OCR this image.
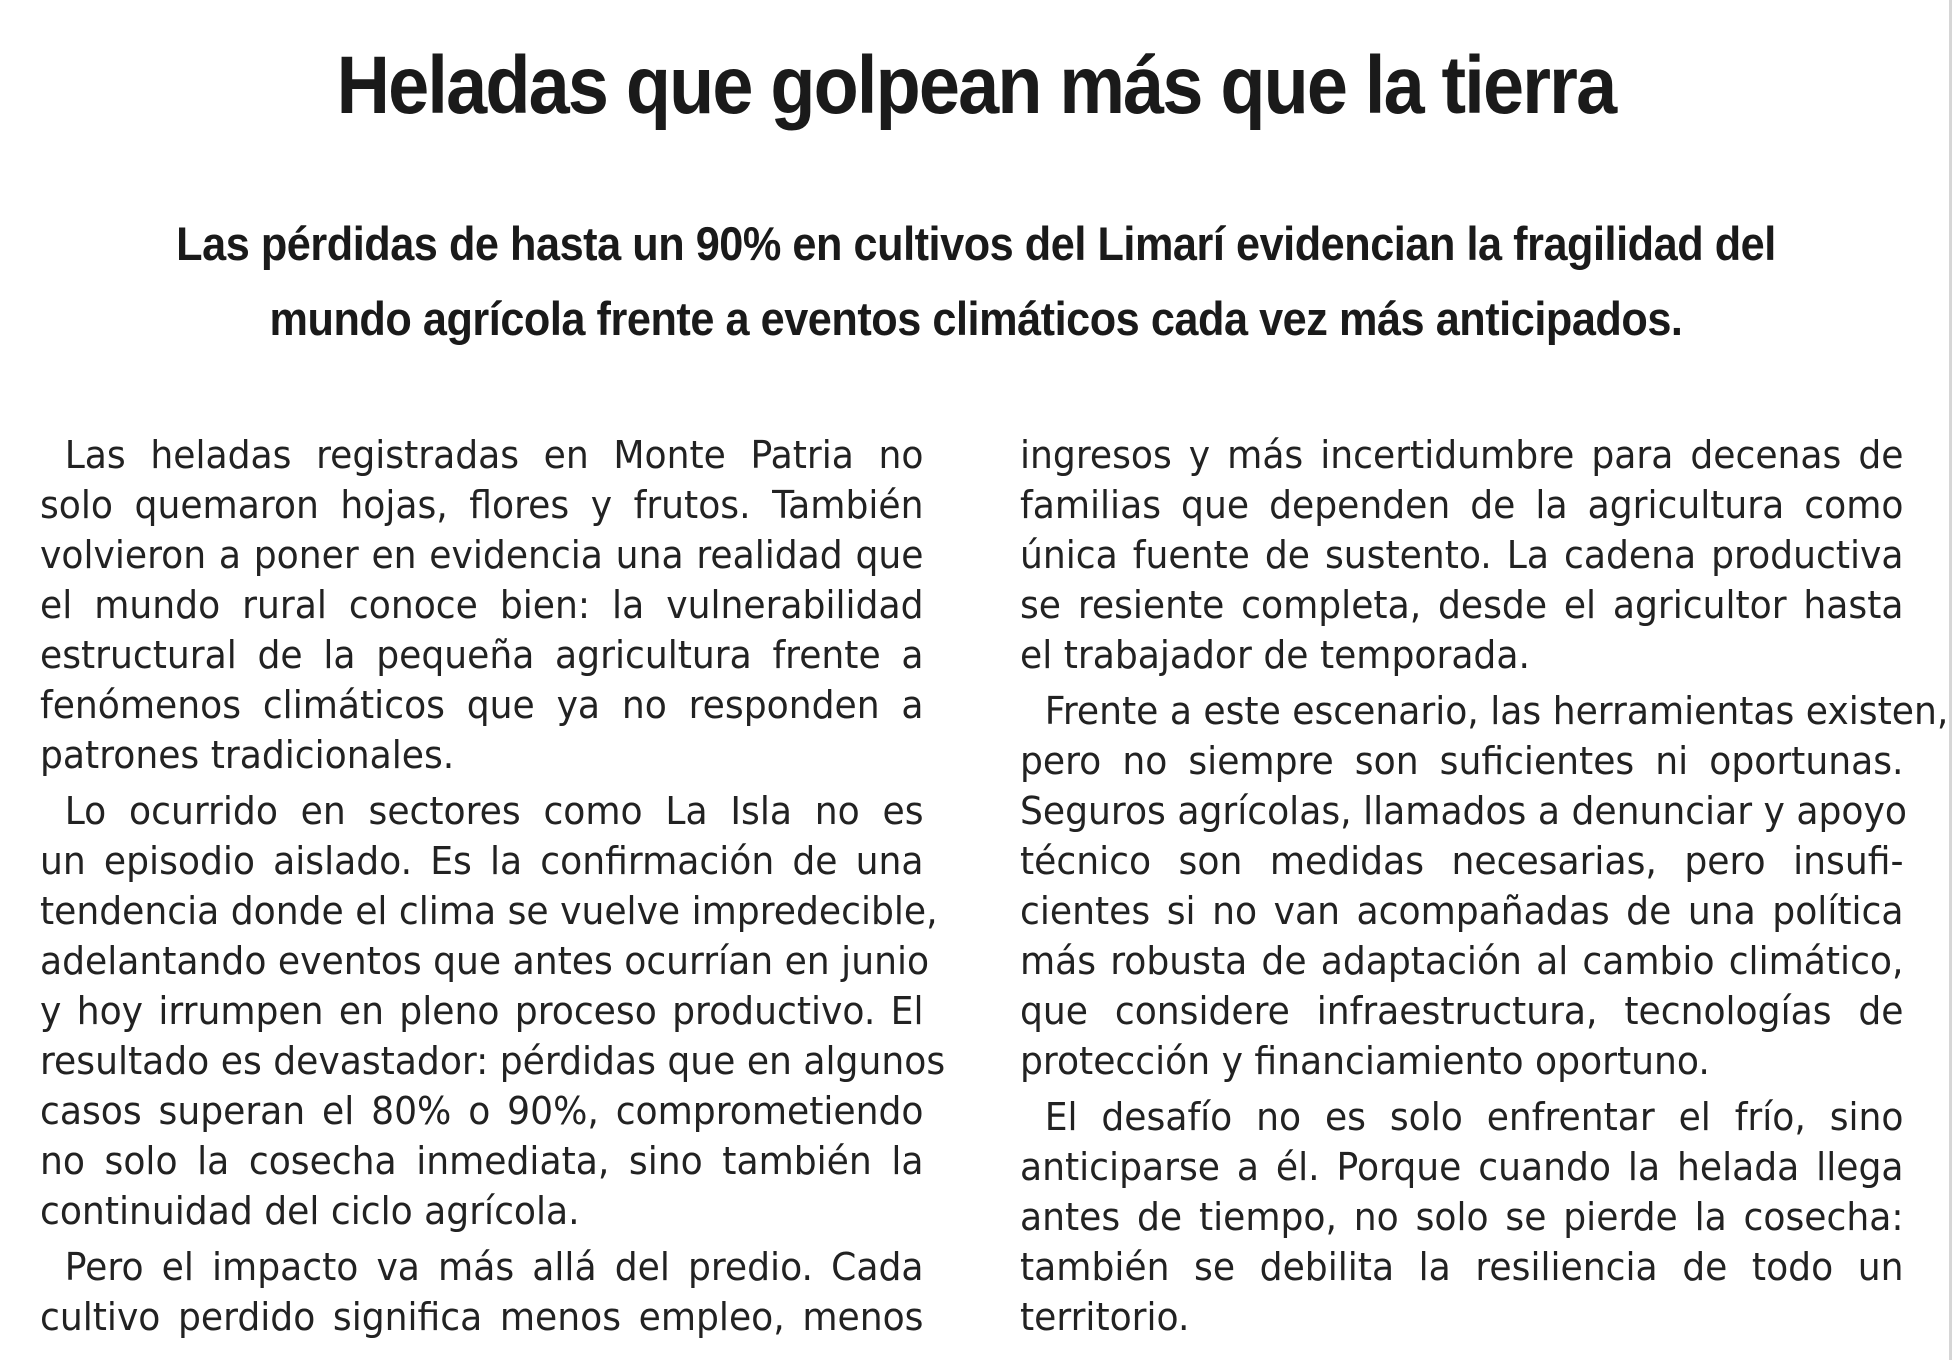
Heladas que golpean más que la tierra
Las pérdidas de hasta un 90% en cultivos del Limarí evidencian la fragilidad del
mundo agrícola frente a eventos climáticos cada vez más anticipados.

Las heladas registradas en Monte Patria no
solo quemaron hojas, flores y frutos. También
volvieron a poner en evidencia una realidad que
el mundo rural conoce bien: la vulnerabilidad
estructural de la pequeña agricultura frente a
fenómenos climáticos que ya no responden a
patrones tradicionales.

Lo ocurrido en sectores como La Isla no es
un episodio aislado. Es la confirmación de una
tendencia donde el clima se vuelve impredecible,
adelantando eventos que antes ocurrían en junio
y hoy irrumpen en pleno proceso productivo. El
resultado es devastador: pérdidas que en algunos
casos superan el 80% o 90%, comprometiendo
no solo la cosecha inmediata, sino también la
continuidad del ciclo agrícola.

Pero el impacto va más allá del predio. Cada
cultivo perdido significa menos empleo, menos

ingresos y más incertidumbre para decenas de
familias que dependen de la agricultura como
única fuente de sustento. La cadena productiva
se resiente completa, desde el agricultor hasta
el trabajador de temporada.

Frente a este escenario, las herramientas existen,
pero no siempre son suficientes ni oportunas.
Seguros agrícolas, llamados a denunciar y apoyo
técnico son medidas necesarias, pero insufi-
cientes si no van acompañadas de una política
más robusta de adaptación al cambio climático,
que considere infraestructura, tecnologías de
protección y financiamiento oportuno.

El desafío no es solo enfrentar el frío, sino
anticiparse a él. Porque cuando la helada llega
antes de tiempo, no solo se pierde la cosecha:
también se debilita la resiliencia de todo un
territorio.
